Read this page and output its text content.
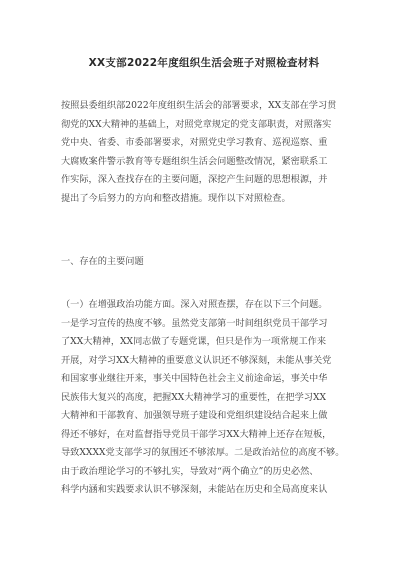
XX支部2022年度组织生活会班子对照检查材料
按照县委组织部2022年度组织生活会的部署要求，XX支部在学习贯
彻党的XX大精神的基础上，对照党章规定的党支部职责，对照落实
党中央、省委、市委部署要求，对照党史学习教育、巡视巡察、重
大腐败案件警示教育等专题组织生活会问题整改情况，紧密联系工
作实际，深入查找存在的主要问题，深挖产生问题的思想根源，并
提出了今后努力的方向和整改措施。现作以下对照检查。
一、存在的主要问题
（一）在增强政治功能方面。深入对照查摆，存在以下三个问题。
一是学习宣传的热度不够。虽然党支部第一时间组织党员干部学习
了XX大精神，XX同志做了专题党课，但只是作为一项常规工作来
开展，对学习XX大精神的重要意义认识还不够深刻，未能从事关党
和国家事业继往开来，事关中国特色社会主义前途命运，事关中华
民族伟大复兴的高度，把握XX大精神学习的重要性，在把学习XX
大精神和干部教育、加强领导班子建设和党组织建设结合起来上做
得还不够好，在对监督指导党员干部学习XX大精神上还存在短板，
导致XXXX党支部学习的氛围还不够浓厚。二是政治站位的高度不够。
由于政治理论学习的不够扎实，导致对“两个确立”的历史必然、
科学内涵和实践要求认识不够深刻，未能站在历史和全局高度来认
